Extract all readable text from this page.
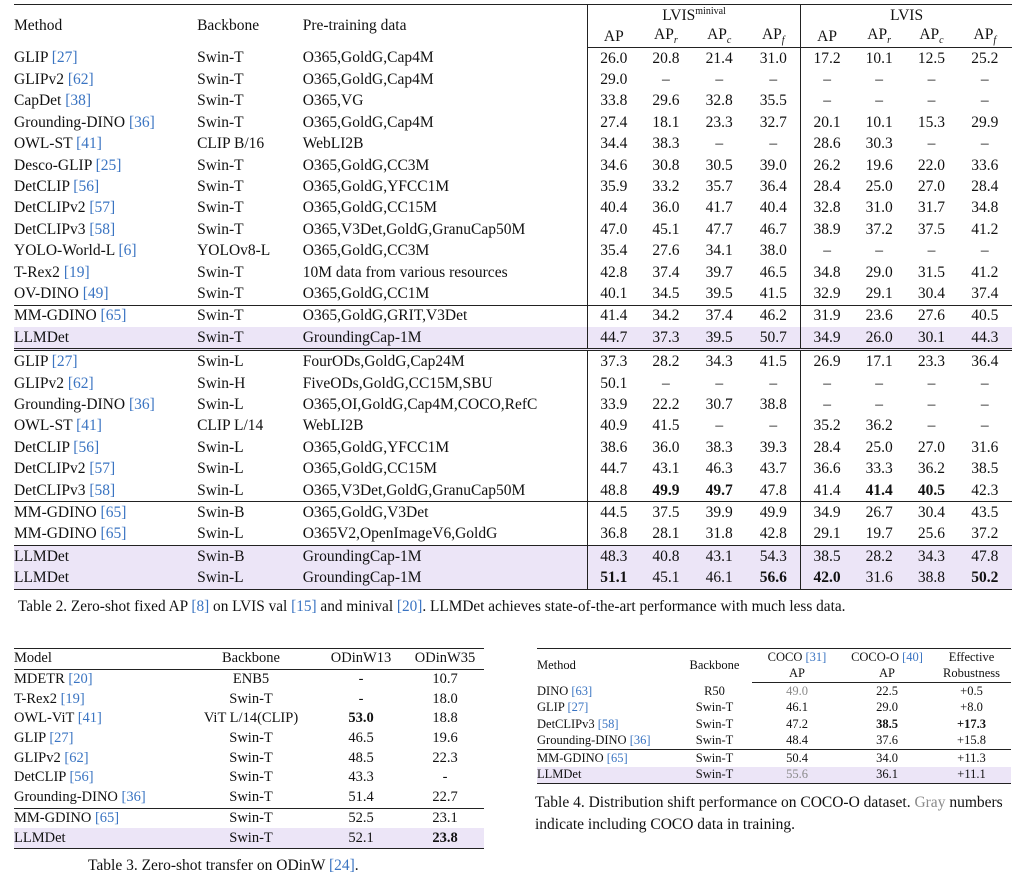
Method	Backbone	Pre-training data	$LVIS^{minival}$				LVIS			
			AP	$AP_r$	$AP_c$	$AP_f$	AP	$AP_r$	$AP_c$	$AP_f$
GLIP [27]	Swin-T	O365,GoldG,Cap4M	26.0	20.8	21.4	31.0	17.2	10.1	12.5	25.2
GLIPv2 [62]	Swin-T	O365,GoldG,Cap4M	29.0	–	–	–	–	–	–	–
CapDet [38]	Swin-T	O365,VG	33.8	29.6	32.8	35.5	–	–	–	–
Grounding-DINO [36]	Swin-T	O365,GoldG,Cap4M	27.4	18.1	23.3	32.7	20.1	10.1	15.3	29.9
OWL-ST [41]	CLIP B/16	WebLI2B	34.4	38.3	–	–	28.6	30.3	–	–
Desco-GLIP [25]	Swin-T	O365,GoldG,CC3M	34.6	30.8	30.5	39.0	26.2	19.6	22.0	33.6
DetCLIP [56]	Swin-T	O365,GoldG,YFCC1M	35.9	33.2	35.7	36.4	28.4	25.0	27.0	28.4
DetCLIPv2 [57]	Swin-T	O365,GoldG,CC15M	40.4	36.0	41.7	40.4	32.8	31.0	31.7	34.8
DetCLIPv3 [58]	Swin-T	O365,V3Det,GoldG,GranuCap50M	47.0	45.1	47.7	46.7	38.9	37.2	37.5	41.2
YOLO-World-L [6]	YOLOv8-L	O365,GoldG,CC3M	35.4	27.6	34.1	38.0	–	–	–	–
T-Rex2 [19]	Swin-T	10M data from various resources	42.8	37.4	39.7	46.5	34.8	29.0	31.5	41.2
OV-DINO [49]	Swin-T	O365,GoldG,CC1M	40.1	34.5	39.5	41.5	32.9	29.1	30.4	37.4
MM-GDINO [65]	Swin-T	O365,GoldG,GRIT,V3Det	41.4	34.2	37.4	46.2	31.9	23.6	27.6	40.5
LLMDet	Swin-T	GroundingCap-1M	44.7	37.3	39.5	50.7	34.9	26.0	30.1	44.3
GLIP [27]	Swin-L	FourODs,GoldG,Cap24M	37.3	28.2	34.3	41.5	26.9	17.1	23.3	36.4
GLIPv2 [62]	Swin-H	FiveODs,GoldG,CC15M,SBU	50.1	–	–	–	–	–	–	–
Grounding-DINO [36]	Swin-L	O365,OI,GoldG,Cap4M,COCO,RefC	33.9	22.2	30.7	38.8	–	–	–	–
OWL-ST [41]	CLIP L/14	WebLI2B	40.9	41.5	–	–	35.2	36.2	–	–
DetCLIP [56]	Swin-L	O365,GoldG,YFCC1M	38.6	36.0	38.3	39.3	28.4	25.0	27.0	31.6
DetCLIPv2 [57]	Swin-L	O365,GoldG,CC15M	44.7	43.1	46.3	43.7	36.6	33.3	36.2	38.5
DetCLIPv3 [58]	Swin-L	O365,V3Det,GoldG,GranuCap50M	48.8	49.9	49.7	47.8	41.4	41.4	40.5	42.3
MM-GDINO [65]	Swin-B	O365,GoldG,V3Det	44.5	37.5	39.9	49.9	34.9	26.7	30.4	43.5
MM-GDINO [65]	Swin-L	O365V2,OpenImageV6,GoldG	36.8	28.1	31.8	42.8	29.1	19.7	25.6	37.2
LLMDet	Swin-B	GroundingCap-1M	48.3	40.8	43.1	54.3	38.5	28.2	34.3	47.8
LLMDet	Swin-L	GroundingCap-1M	51.1	45.1	46.1	56.6	42.0	31.6	38.8	50.2
Table 2. Zero-shot fixed AP [8] on LVIS val [15] and minival [20]. LLMDet achieves state-of-the-art performance with much less data.
Model	Backbone	ODinW13	ODinW35
MDETR [20]	ENB5	-	10.7
T-Rex2 [19]	Swin-T	-	18.0
OWL-ViT [41]	ViT L/14(CLIP)	53.0	18.8
GLIP [27]	Swin-T	46.5	19.6
GLIPv2 [62]	Swin-T	48.5	22.3
DetCLIP [56]	Swin-T	43.3	-
Grounding-DINO [36]	Swin-T	51.4	22.7
MM-GDINO [65]	Swin-T	52.5	23.1
LLMDet	Swin-T	52.1	23.8
Table 3. Zero-shot transfer on ODinW [24].
Method	Backbone	COCO [31]	COCO-O [40]	Effective
		AP	AP	Robustness
DINO [63]	R50	49.0	22.5	+0.5
GLIP [27]	Swin-T	46.1	29.0	+8.0
DetCLIPv3 [58]	Swin-T	47.2	38.5	+17.3
Grounding-DINO [36]	Swin-T	48.4	37.6	+15.8
MM-GDINO [65]	Swin-T	50.4	34.0	+11.3
LLMDet	Swin-T	55.6	36.1	+11.1
Table 4. Distribution shift performance on COCO-O dataset. Gray numbers indicate including COCO data in training.
